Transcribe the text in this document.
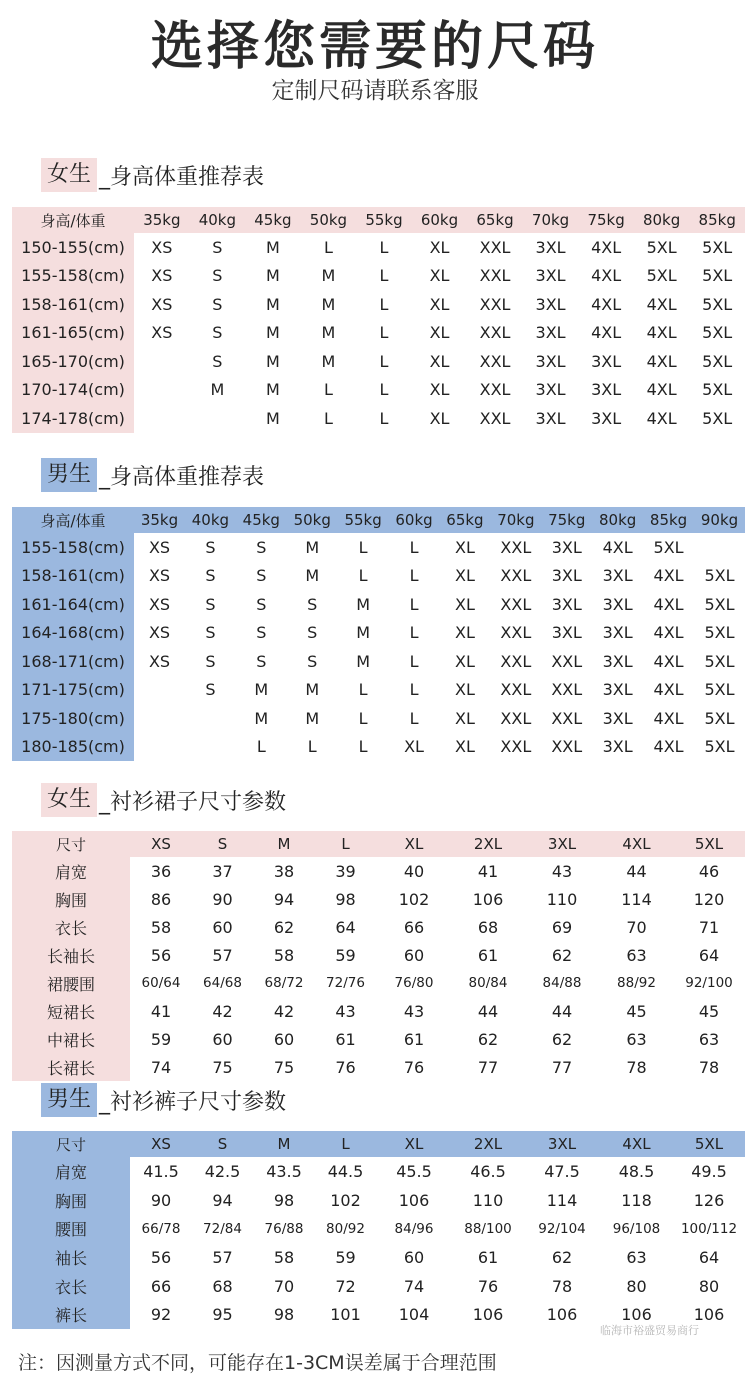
选择您需要的尺码
定制尺码请联系客服
女生 _身高体重推荐表
身高/体重	35kg	40kg	45kg	50kg	55kg	60kg	65kg	70kg	75kg	80kg	85kg
150-155(cm)	XS	S	M	L	L	XL	XXL	3XL	4XL	5XL	5XL
155-158(cm)	XS	S	M	M	L	XL	XXL	3XL	4XL	5XL	5XL
158-161(cm)	XS	S	M	M	L	XL	XXL	3XL	4XL	4XL	5XL
161-165(cm)	XS	S	M	M	L	XL	XXL	3XL	4XL	4XL	5XL
165-170(cm)		S	M	M	L	XL	XXL	3XL	3XL	4XL	5XL
170-174(cm)		M	M	L	L	XL	XXL	3XL	3XL	4XL	5XL
174-178(cm)			M	L	L	XL	XXL	3XL	3XL	4XL	5XL
男生 _身高体重推荐表
身高/体重	35kg	40kg	45kg	50kg	55kg	60kg	65kg	70kg	75kg	80kg	85kg	90kg
155-158(cm)	XS	S	S	M	L	L	XL	XXL	3XL	4XL	5XL	
158-161(cm)	XS	S	S	M	L	L	XL	XXL	3XL	3XL	4XL	5XL
161-164(cm)	XS	S	S	S	M	L	XL	XXL	3XL	3XL	4XL	5XL
164-168(cm)	XS	S	S	S	M	L	XL	XXL	3XL	3XL	4XL	5XL
168-171(cm)	XS	S	S	S	M	L	XL	XXL	XXL	3XL	4XL	5XL
171-175(cm)		S	M	M	L	L	XL	XXL	XXL	3XL	4XL	5XL
175-180(cm)			M	M	L	L	XL	XXL	XXL	3XL	4XL	5XL
180-185(cm)			L	L	L	XL	XL	XXL	XXL	3XL	4XL	5XL
女生 _衬衫裙子尺寸参数
尺寸	XS	S	M	L	XL	2XL	3XL	4XL	5XL
肩宽	36	37	38	39	40	41	43	44	46
胸围	86	90	94	98	102	106	110	114	120
衣长	58	60	62	64	66	68	69	70	71
长袖长	56	57	58	59	60	61	62	63	64
裙腰围	60/64	64/68	68/72	72/76	76/80	80/84	84/88	88/92	92/100
短裙长	41	42	42	43	43	44	44	45	45
中裙长	59	60	60	61	61	62	62	63	63
长裙长	74	75	75	76	76	77	77	78	78
男生 _衬衫裤子尺寸参数
尺寸	XS	S	M	L	XL	2XL	3XL	4XL	5XL
肩宽	41.5	42.5	43.5	44.5	45.5	46.5	47.5	48.5	49.5
胸围	90	94	98	102	106	110	114	118	126
腰围	66/78	72/84	76/88	80/92	84/96	88/100	92/104	96/108	100/112
袖长	56	57	58	59	60	61	62	63	64
衣长	66	68	70	72	74	76	78	80	80
裤长	92	95	98	101	104	106	106	106	106
临海市裕盛贸易商行
注：因测量方式不同，可能存在1-3CM误差属于合理范围
